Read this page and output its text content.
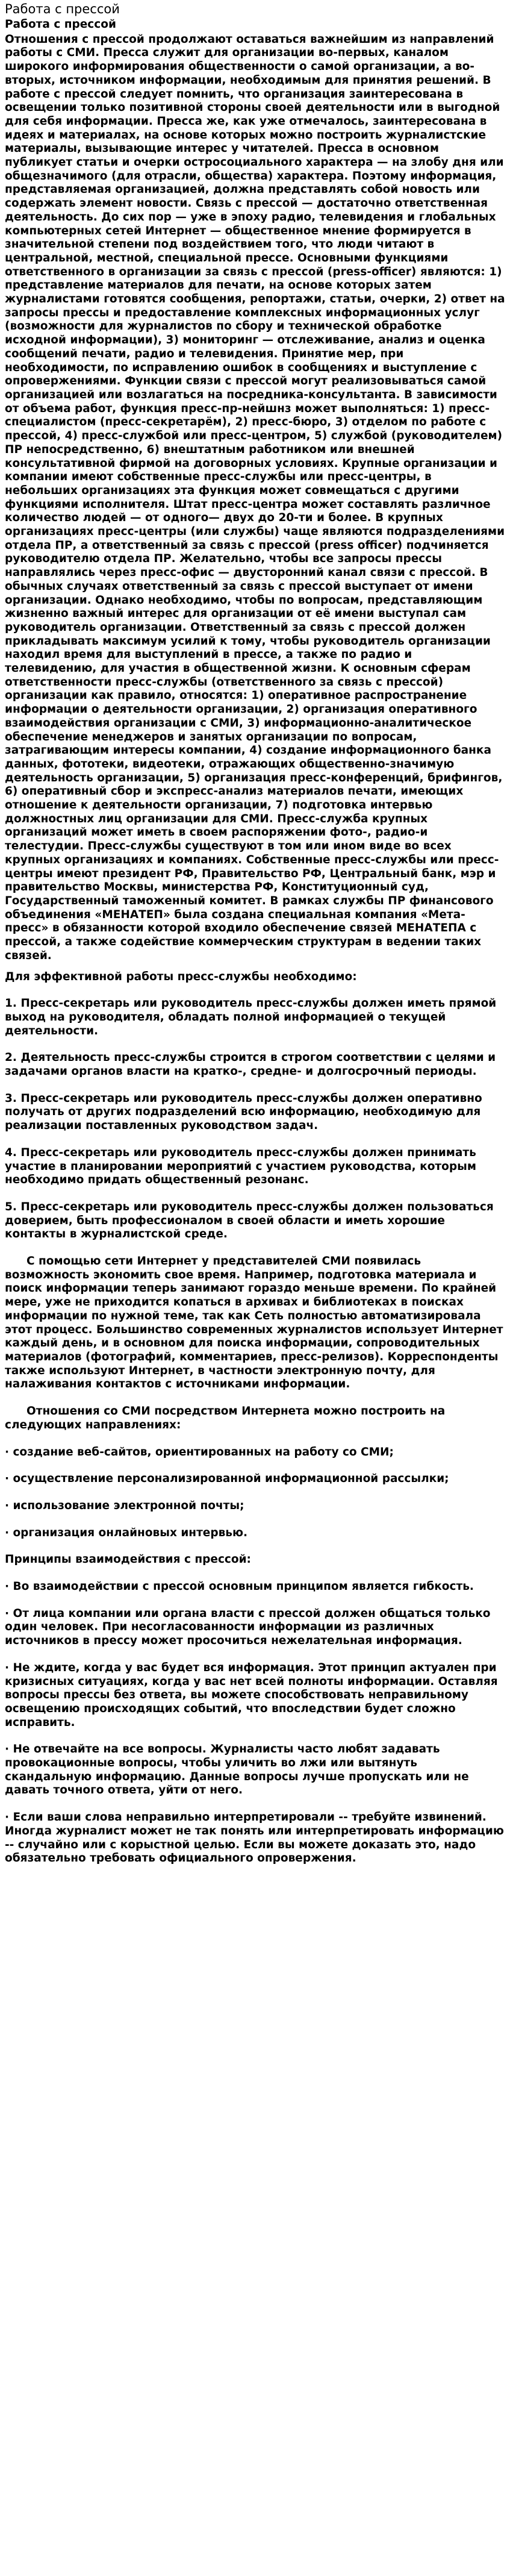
Работа с прессой
Работа с прессой

Отношения с прессой продолжают оставаться важнейшим из направлений работы с СМИ. Пресса служит для организации во-первых, каналом широкого информирования общественности о самой организации, а во-вторых, источником информации, необходимым для принятия решений. В работе с прессой следует помнить, что организация заинтересована в освещении только позитивной стороны своей деятельности или в выгодной для себя информации. Пресса же, как уже отмечалось, заинтересована в идеях и материалах, на основе которых можно построить журналистские материалы, вызывающие интерес у читателей. Пресса в основном публикует статьи и очерки остросоциального характера — на злобу дня или общезначимого (для отрасли, общества) характера. Поэтому информация, представляемая организацией, должна представлять собой новость или содержать элемент новости. Связь с прессой — достаточно ответственная деятельность. До сих пор — уже в эпоху радио, телевидения и глобальных компьютерных сетей Интернет — общественное мнение формируется в значительной степени под воздействием того, что люди читают в центральной, местной, специальной прессе. Основными функциями ответственного в организации за связь с прессой (press-officer) являются: 1) представление материалов для печати, на основе которых затем журналистами готовятся сообщения, репортажи, статьи, очерки, 2) ответ на запросы прессы и предоставление комплексных информационных услуг (возможности для журналистов по сбору и технической обработке исходной информации), 3) мониторинг — отслеживание, анализ и оценка сообщений печати, радио и телевидения. Принятие мер, при необходимости, по исправлению ошибок в сообщениях и выступление с опровержениями. Функции связи с прессой могут реализовываться самой организацией или возлагаться на посредника-консультанта. В зависимости от объема работ, функция пресс-пр-нейшнз может выполняться: 1) пресс-специалистом (пресс-секретарём), 2) пресс-бюро, 3) отделом по работе с прессой, 4) пресс-службой или пресс-центром, 5) службой (руководителем) ПР непосредственно, 6) внештатным работником или внешней консультативной фирмой на договорных условиях. Крупные организации и компании имеют собственные пресс-службы или пресс-центры, в небольших организациях эта функция может совмещаться с другими функциями исполнителя. Штат пресс-центра может составлять различное количество людей — от одного— двух до 20-ти и более. В крупных организациях пресс-центры (или службы) чаще являются подразделениями отдела ПР, а ответственный за связь с прессой (press officer) подчиняется руководителю отдела ПР. Желательно, чтобы все запросы прессы направлялись через пресс-офис — двусторонний канал связи с прессой. В обычных случаях ответственный за связь с прессой выступает от имени организации. Однако необходимо, чтобы по вопросам, представляющим жизненно важный интерес для организации от её имени выступал сам руководитель организации. Ответственный за связь с прессой должен прикладывать максимум усилий к тому, чтобы руководитель организации находил время для выступлений в прессе, а также по радио и телевидению, для участия в общественной жизни. К основным сферам ответственности пресс-службы (ответственного за связь с прессой) организации как правило, относятся: 1) оперативное распространение информации о деятельности организации, 2) организация оперативного взаимодействия организации с СМИ, 3) информационно-аналитическое обеспечение менеджеров и занятых организации по вопросам, затрагивающим интересы компании, 4) создание информационного банка данных, фототеки, видеотеки, отражающих общественно-значимую деятельность организации, 5) организация пресс-конференций, брифингов, 6) оперативный сбор и экспресс-анализ материалов печати, имеющих отношение к деятельности организации, 7) подготовка интервью должностных лиц организации для СМИ. Пресс-служба крупных организаций может иметь в своем распоряжении фото-, радио-и телестудии. Пресс-службы существуют в том или ином виде во всех крупных организациях и компаниях. Собственные пресс-службы или пресс-центры имеют президент РФ, Правительство РФ, Центральный банк, мэр и правительство Москвы, министерства РФ, Конституционный суд, Государственный таможенный комитет. В рамках службы ПР финансового объединения «МЕНАТЕП» была создана специальная компания «Мета-пресс» в обязанности которой входило обеспечение связей МЕНАТЕПА с прессой, а также содействие коммерческим структурам в ведении таких связей.

Для эффективной работы пресс-службы необходимо:

1. Пресс-секретарь или руководитель пресс-службы должен иметь прямой выход на руководителя, обладать полной информацией о текущей деятельности.

2. Деятельность пресс-службы строится в строгом соответствии с целями и задачами органов власти на кратко-, средне- и долгосрочный периоды.

3. Пресс-секретарь или руководитель пресс-службы должен оперативно получать от других подразделений всю информацию, необходимую для реализации поставленных руководством задач.

4. Пресс-секретарь или руководитель пресс-службы должен принимать участие в планировании мероприятий с участием руководства, которым необходимо придать общественный резонанс.

5. Пресс-секретарь или руководитель пресс-службы должен пользоваться доверием, быть профессионалом в своей области и иметь хорошие контакты в журналистской среде.

С помощью сети Интернет у представителей СМИ появилась возможность экономить свое время. Например, подготовка материала и поиск информации теперь занимают гораздо меньше времени. По крайней мере, уже не приходится копаться в архивах и библиотеках в поисках информации по нужной теме, так как Сеть полностью автоматизировала этот процесс. Большинство современных журналистов использует Интернет каждый день, и в основном для поиска информации, сопроводительных материалов (фотографий, комментариев, пресс-релизов). Корреспонденты также используют Интернет, в частности электронную почту, для налаживания контактов с источниками информации.

Отношения со СМИ посредством Интернета можно построить на следующих направлениях:

· создание веб-сайтов, ориентированных на работу со СМИ;

· осуществление персонализированной информационной рассылки;

· использование электронной почты;

· организация онлайновых интервью.

Принципы взаимодействия с прессой:

· Во взаимодействии с прессой основным принципом является гибкость.

· От лица компании или органа власти с прессой должен общаться только один человек. При несогласованности информации из различных источников в прессу может просочиться нежелательная информация.

· Не ждите, когда у вас будет вся информация. Этот принцип актуален при кризисных ситуациях, когда у вас нет всей полноты информации. Оставляя вопросы прессы без ответа, вы можете способствовать неправильному освещению происходящих событий, что впоследствии будет сложно исправить.

· Не отвечайте на все вопросы. Журналисты часто любят задавать провокационные вопросы, чтобы уличить во лжи или вытянуть скандальную информацию. Данные вопросы лучше пропускать или не давать точного ответа, уйти от него.

· Если ваши слова неправильно интерпретировали -- требуйте извинений. Иногда журналист может не так понять или интерпретировать информацию -- случайно или с корыстной целью. Если вы можете доказать это, надо обязательно требовать официального опровержения.
